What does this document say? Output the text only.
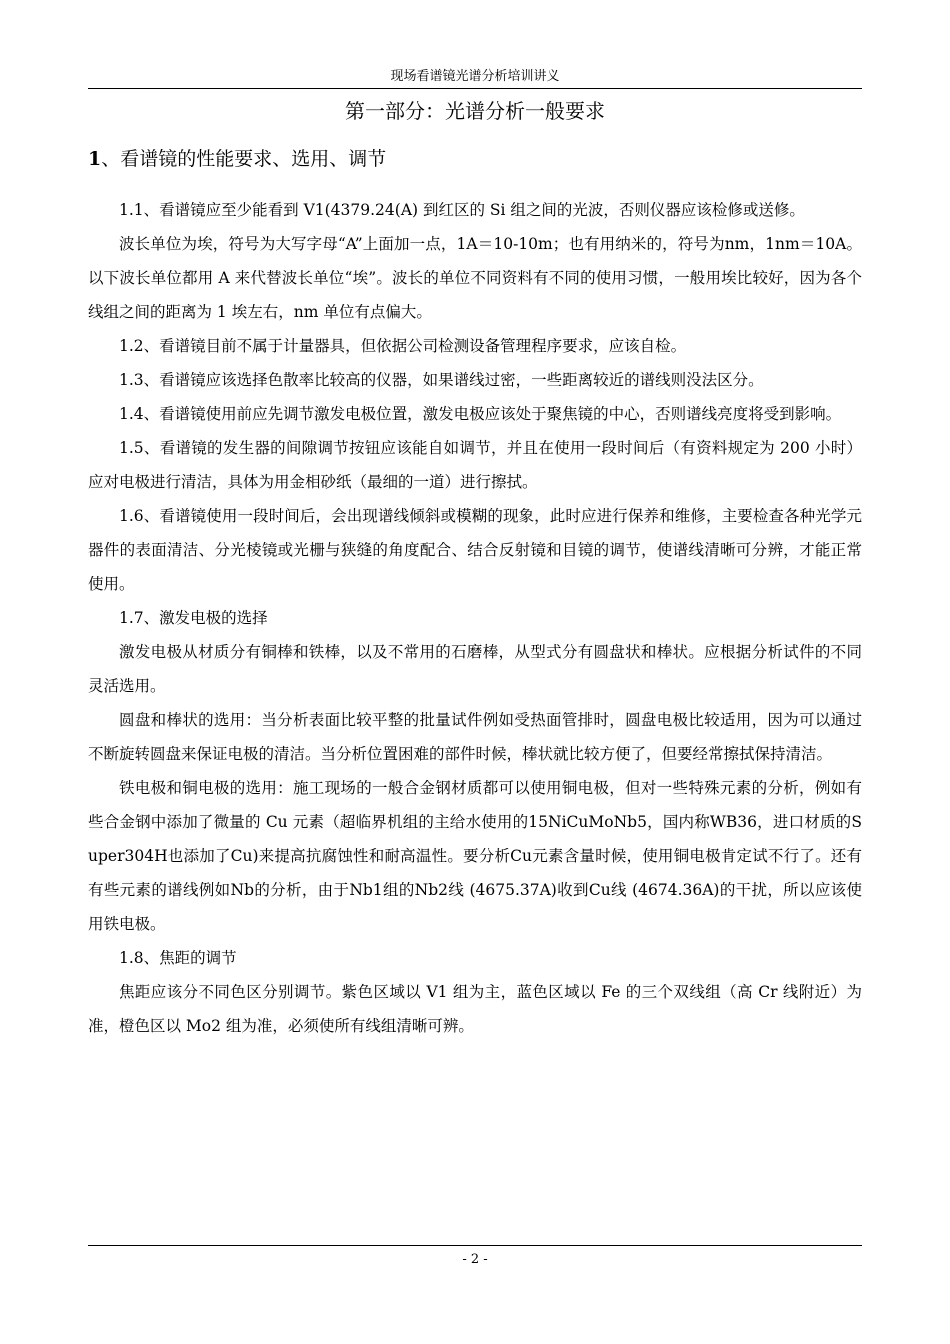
现场看谱镜光谱分析培训讲义
第一部分：光谱分析一般要求
1、看谱镜的性能要求、选用、调节

1.1、看谱镜应至少能看到 V1(4379.24(A) 到红区的 Si 组之间的光波，否则仪器应该检修或送修。

波长单位为埃，符号为大写字母“A”上面加一点，1A＝10-10m；也有用纳米的，符号为nm，1nm＝10A。以下波长单位都用 A 来代替波长单位“埃”。波长的单位不同资料有不同的使用习惯，一般用埃比较好，因为各个线组之间的距离为 1 埃左右，nm 单位有点偏大。

1.2、看谱镜目前不属于计量器具，但依据公司检测设备管理程序要求，应该自检。

1.3、看谱镜应该选择色散率比较高的仪器，如果谱线过密，一些距离较近的谱线则没法区分。

1.4、看谱镜使用前应先调节激发电极位置，激发电极应该处于聚焦镜的中心，否则谱线亮度将受到影响。

1.5、看谱镜的发生器的间隙调节按钮应该能自如调节，并且在使用一段时间后（有资料规定为 200 小时）应对电极进行清洁，具体为用金相砂纸（最细的一道）进行擦拭。

1.6、看谱镜使用一段时间后，会出现谱线倾斜或模糊的现象，此时应进行保养和维修，主要检查各种光学元器件的表面清洁、分光棱镜或光栅与狭缝的角度配合、结合反射镜和目镜的调节，使谱线清晰可分辨，才能正常使用。

1.7、激发电极的选择

激发电极从材质分有铜棒和铁棒，以及不常用的石磨棒，从型式分有圆盘状和棒状。应根据分析试件的不同灵活选用。

圆盘和棒状的选用：当分析表面比较平整的批量试件例如受热面管排时，圆盘电极比较适用，因为可以通过不断旋转圆盘来保证电极的清洁。当分析位置困难的部件时候，棒状就比较方便了，但要经常擦拭保持清洁。

铁电极和铜电极的选用：施工现场的一般合金钢材质都可以使用铜电极，但对一些特殊元素的分析，例如有些合金钢中添加了微量的 Cu 元素（超临界机组的主给水使用的15NiCuMoNb5，国内称WB36，进口材质的Super304H也添加了Cu)来提高抗腐蚀性和耐高温性。要分析Cu元素含量时候，使用铜电极肯定试不行了。还有有些元素的谱线例如Nb的分析，由于Nb1组的Nb2线 (4675.37A)收到Cu线 (4674.36A)的干扰，所以应该使用铁电极。

1.8、焦距的调节

焦距应该分不同色区分别调节。紫色区域以 V1 组为主，蓝色区域以 Fe 的三个双线组（高 Cr 线附近）为准，橙色区以 Mo2 组为准，必须使所有线组清晰可辨。

- 2 -
